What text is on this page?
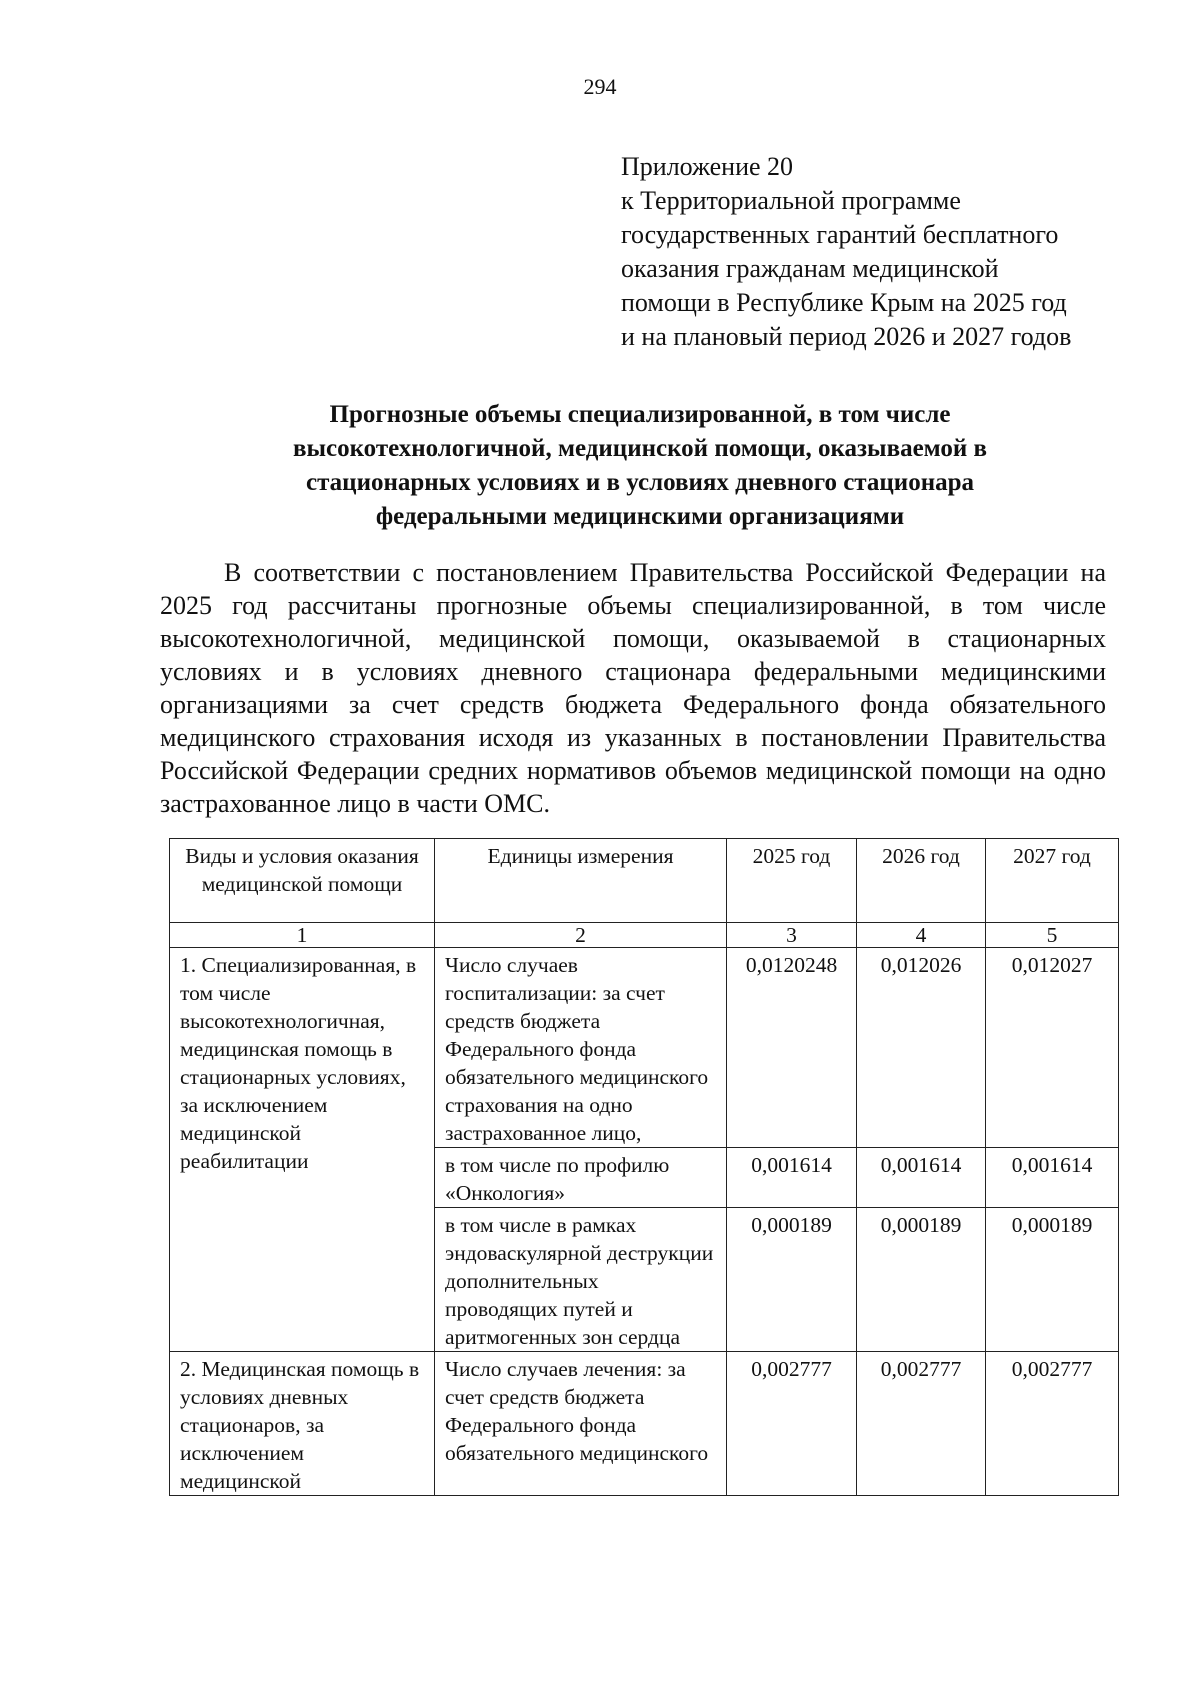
294
Приложение 20
к Территориальной программе
государственных гарантий бесплатного
оказания гражданам медицинской
помощи в Республике Крым на 2025 год
и на плановый период 2026 и 2027 годов
Прогнозные объемы специализированной, в том числе
высокотехнологичной, медицинской помощи, оказываемой в
стационарных условиях и в условиях дневного стационара
федеральными медицинскими организациями

В соответствии с постановлением Правительства Российской Федерации на 2025 год рассчитаны прогнозные объемы специализированной, в том числе высокотехнологичной, медицинской помощи, оказываемой в стационарных условиях и в условиях дневного стационара федеральными медицинскими организациями за счет средств бюджета Федерального фонда обязательного медицинского страхования исходя из указанных в постановлении Правительства Российской Федерации средних нормативов объемов медицинской помощи на одно застрахованное лицо в части ОМС.

Виды и условия оказания медицинской помощи	Единицы измерения	2025 год	2026 год	2027 год
1	2	3	4	5
1. Специализированная, в том числе высокотехнологичная, медицинская помощь в стационарных условиях, за исключением медицинской реабилитации	Число случаев госпитализации: за счет средств бюджета Федерального фонда обязательного медицинского страхования на одно застрахованное лицо,	0,0120248	0,012026	0,012027
	в том числе по профилю «Онкология»	0,001614	0,001614	0,001614
	в том числе в рамках эндоваскулярной деструкции дополнительных проводящих путей и аритмогенных зон сердца	0,000189	0,000189	0,000189
2. Медицинская помощь в условиях дневных стационаров, за исключением медицинской	Число случаев лечения: за счет средств бюджета Федерального фонда обязательного медицинского	0,002777	0,002777	0,002777
